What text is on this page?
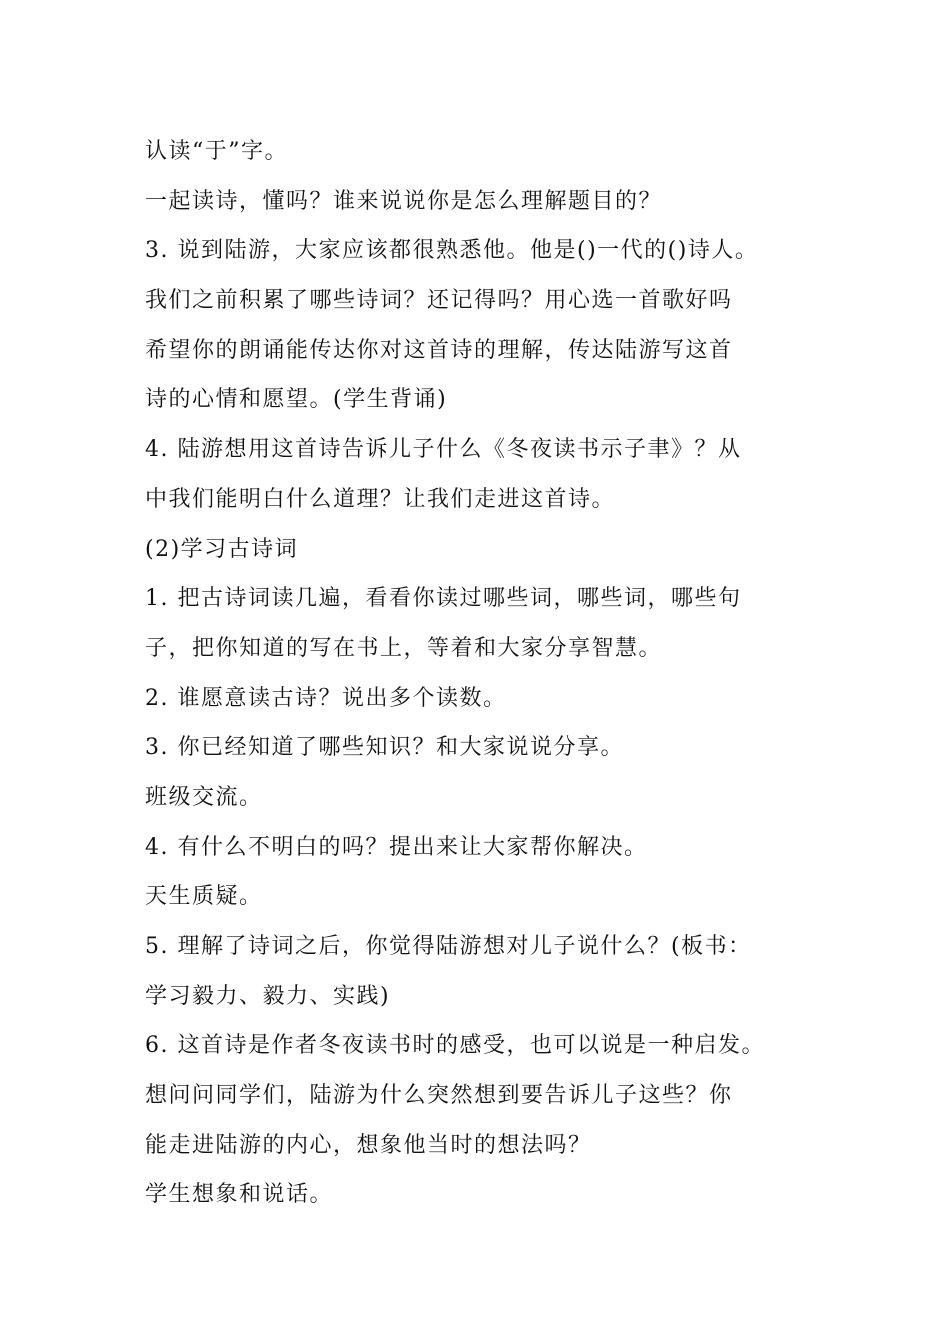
认读“于”字。
一起读诗，懂吗？谁来说说你是怎么理解题目的？
3. 说到陆游，大家应该都很熟悉他。他是()一代的()诗人。
我们之前积累了哪些诗词？还记得吗？用心选一首歌好吗
希望你的朗诵能传达你对这首诗的理解，传达陆游写这首
诗的心情和愿望。(学生背诵)
4. 陆游想用这首诗告诉儿子什么《冬夜读书示子聿》？从
中我们能明白什么道理？让我们走进这首诗。
(2)学习古诗词
1. 把古诗词读几遍，看看你读过哪些词，哪些词，哪些句
子，把你知道的写在书上，等着和大家分享智慧。
2. 谁愿意读古诗？说出多个读数。
3. 你已经知道了哪些知识？和大家说说分享。
班级交流。
4. 有什么不明白的吗？提出来让大家帮你解决。
天生质疑。
5. 理解了诗词之后，你觉得陆游想对儿子说什么？(板书：
学习毅力、毅力、实践)
6. 这首诗是作者冬夜读书时的感受，也可以说是一种启发。
想问问同学们，陆游为什么突然想到要告诉儿子这些？你
能走进陆游的内心，想象他当时的想法吗？
学生想象和说话。
